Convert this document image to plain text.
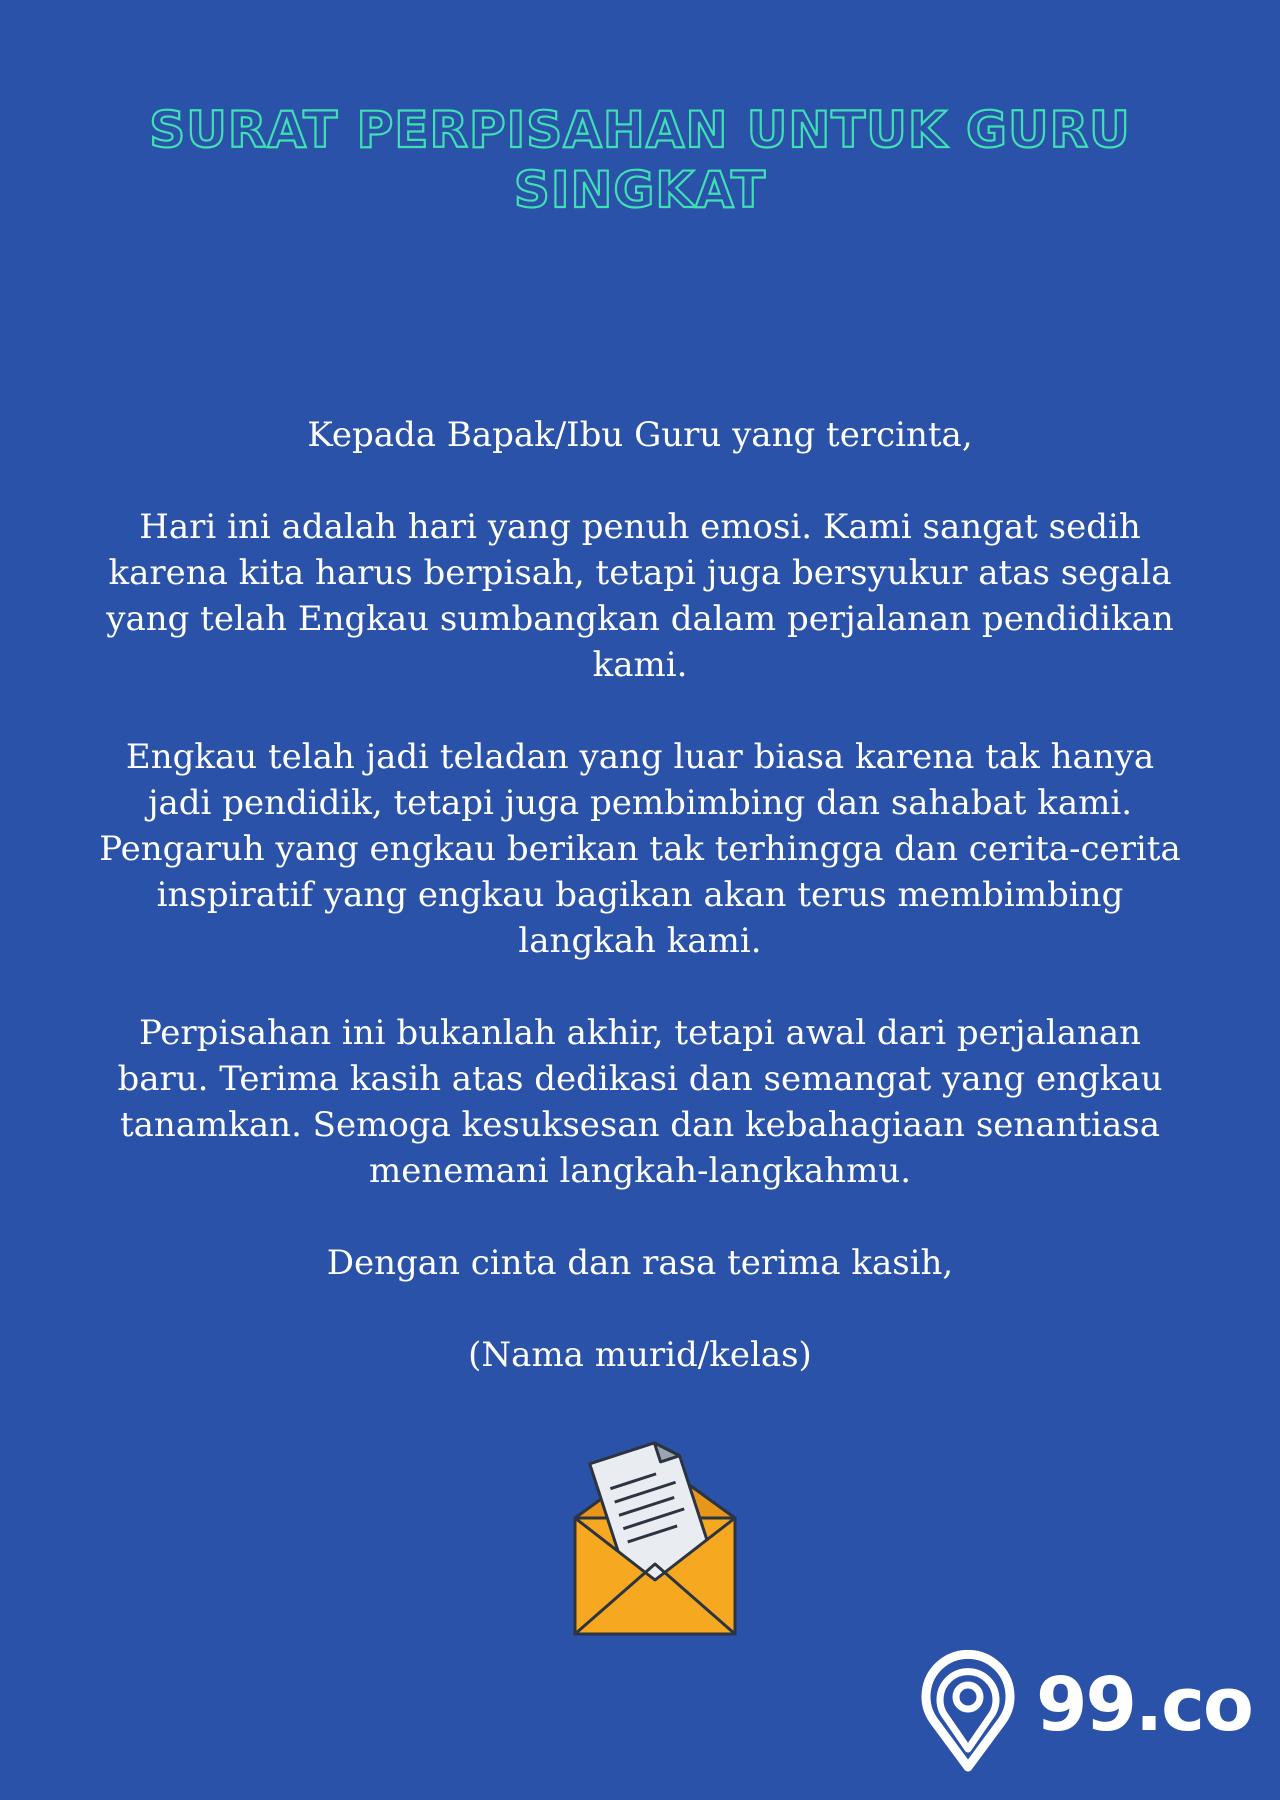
SURAT PERPISAHAN UNTUK GURU
SINGKAT

Kepada Bapak/Ibu Guru yang tercinta,

Hari ini adalah hari yang penuh emosi. Kami sangat sedih karena kita harus berpisah, tetapi juga bersyukur atas segala yang telah Engkau sumbangkan dalam perjalanan pendidikan kami.

Engkau telah jadi teladan yang luar biasa karena tak hanya jadi pendidik, tetapi juga pembimbing dan sahabat kami. Pengaruh yang engkau berikan tak terhingga dan cerita-cerita inspiratif yang engkau bagikan akan terus membimbing langkah kami.

Perpisahan ini bukanlah akhir, tetapi awal dari perjalanan baru. Terima kasih atas dedikasi dan semangat yang engkau tanamkan. Semoga kesuksesan dan kebahagiaan senantiasa menemani langkah-langkahmu.

Dengan cinta dan rasa terima kasih,

(Nama murid/kelas)

99.co
